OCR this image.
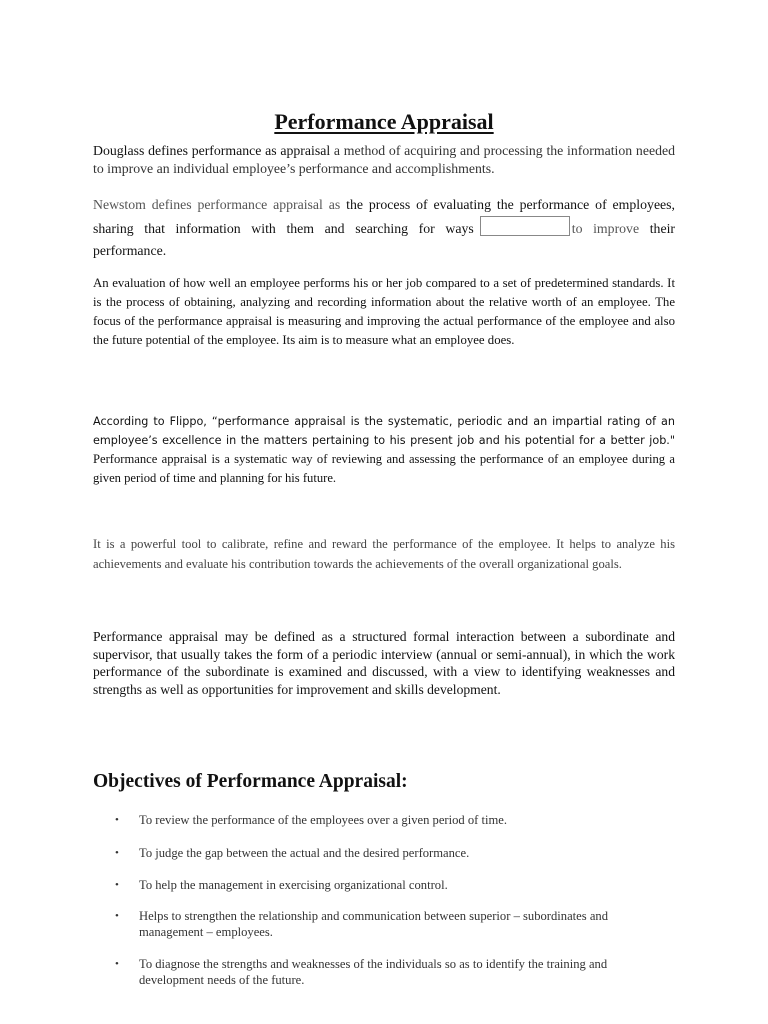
Performance Appraisal

Douglass defines performance as appraisal a method of acquiring and processing the information needed to improve an individual employee’s performance and accomplishments.

Newstom defines performance appraisal as the process of evaluating the performance of employees, sharing that information with them and searching for ways	to improve their performance.

An evaluation of how well an employee performs his or her job compared to a set of predetermined standards. It is the process of obtaining, analyzing and recording information about the relative worth of an employee. The focus of the performance appraisal is measuring and improving the actual performance of the employee and also the future potential of the employee. Its aim is to measure what an employee does.

According to Flippo, “performance appraisal is the systematic, periodic and an impartial rating of an employee’s excellence in the matters pertaining to his present job and his potential for a better job." Performance appraisal is a systematic way of reviewing and assessing the performance of an employee during a given period of time and planning for his future.

It is a powerful tool to calibrate, refine and reward the performance of the employee. It helps to analyze his achievements and evaluate his contribution towards the achievements of the overall organizational goals.

Performance appraisal may be defined as a structured formal interaction between a subordinate and supervisor, that usually takes the form of a periodic interview (annual or semi-annual), in which the work performance of the subordinate is examined and discussed, with a view to identifying weaknesses and strengths as well as opportunities for improvement and skills development.

Objectives of Performance Appraisal:
• To review the performance of the employees over a given period of time.
• To judge the gap between the actual and the desired performance.
• To help the management in exercising organizational control.
• Helps to strengthen the relationship and communication between superior – subordinates and management – employees.
• To diagnose the strengths and weaknesses of the individuals so as to identify the training and development needs of the future.
